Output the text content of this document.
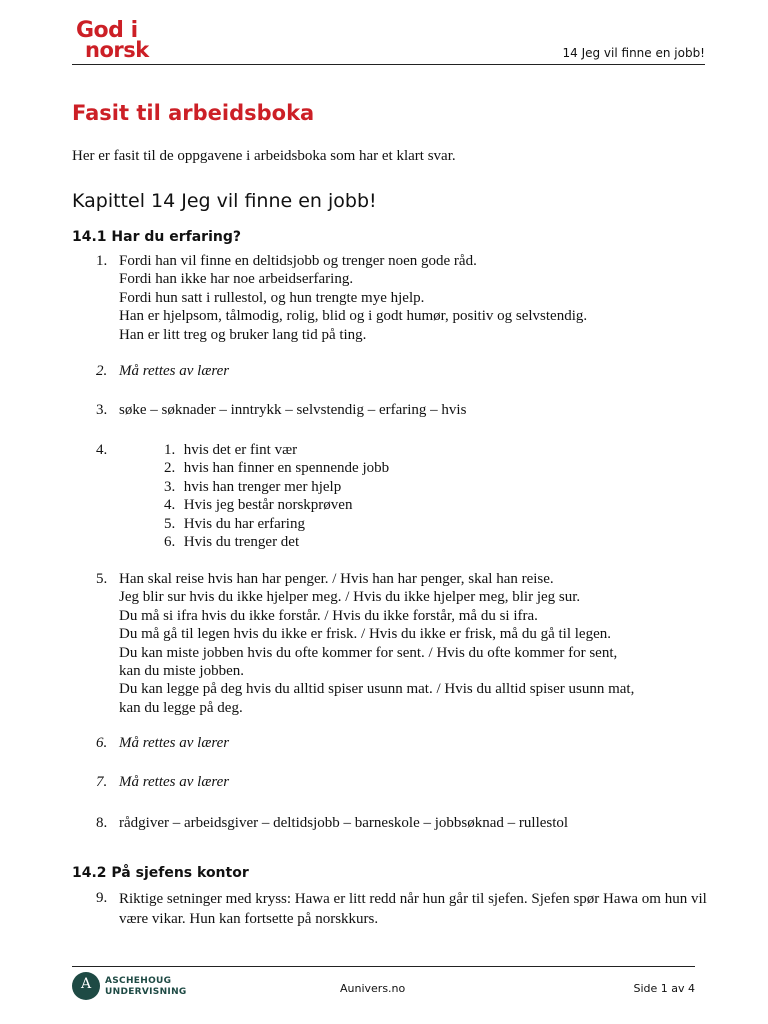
God i
norsk	14 Jeg vil finne en jobb!
Fasit til arbeidsboka
Her er fasit til de oppgavene i arbeidsboka som har et klart svar.
Kapittel 14 Jeg vil finne en jobb!
14.1 Har du erfaring?
1. Fordi han vil finne en deltidsjobb og trenger noen gode råd.
Fordi han ikke har noe arbeidserfaring.
Fordi hun satt i rullestol, og hun trengte mye hjelp.
Han er hjelpsom, tålmodig, rolig, blid og i godt humør, positiv og selvstendig.
Han er litt treg og bruker lang tid på ting.
2. Må rettes av lærer
3. søke – søknader – inntrykk – selvstendig – erfaring – hvis
4.	1. hvis det er fint vær
2. hvis han finner en spennende jobb
3. hvis han trenger mer hjelp
4. Hvis jeg består norskprøven
5. Hvis du har erfaring
6. Hvis du trenger det
5. Han skal reise hvis han har penger. / Hvis han har penger, skal han reise.
Jeg blir sur hvis du ikke hjelper meg. / Hvis du ikke hjelper meg, blir jeg sur.
Du må si ifra hvis du ikke forstår. / Hvis du ikke forstår, må du si ifra.
Du må gå til legen hvis du ikke er frisk. / Hvis du ikke er frisk, må du gå til legen.
Du kan miste jobben hvis du ofte kommer for sent. / Hvis du ofte kommer for sent,
kan du miste jobben.
Du kan legge på deg hvis du alltid spiser usunn mat. / Hvis du alltid spiser usunn mat,
kan du legge på deg.
6. Må rettes av lærer
7. Må rettes av lærer
8. rådgiver – arbeidsgiver – deltidsjobb – barneskole – jobbsøknad – rullestol
14.2 På sjefens kontor
9. Riktige setninger med kryss: Hawa er litt redd når hun går til sjefen. Sjefen spør Hawa om hun vil være vikar. Hun kan fortsette på norskkurs.
A	ASCHEHOUG
UNDERVISNING	Aunivers.no	Side 1 av 4
